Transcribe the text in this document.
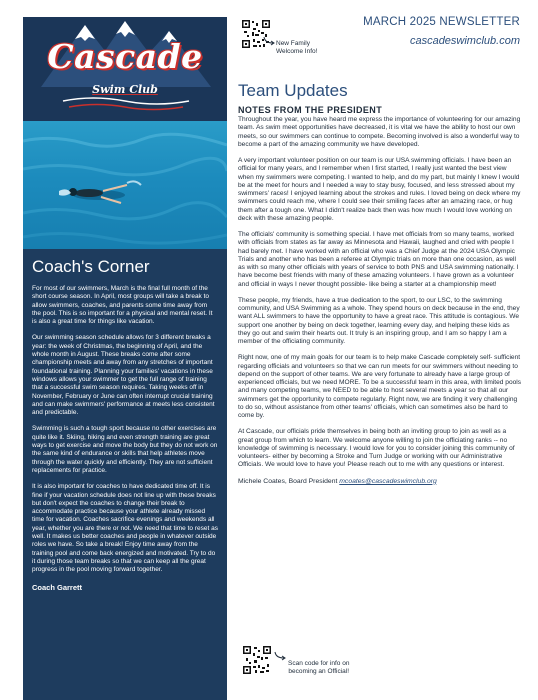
Cascade
Swim Club
Coach's Corner

For most of our swimmers, March is the final full month of the short course season. In April, most groups will take a break to allow swimmers, coaches, and parents some time away from the pool. This is so important for a physical and mental reset. It is also a great time for things like vacation.

Our swimming season schedule allows for 3 different breaks a year: the week of Christmas, the beginning of April, and the whole month in August. These breaks come after some championship meets and away from any stretches of important foundational training. Planning your families' vacations in these windows allows your swimmer to get the full range of training that a successful swim season requires. Taking weeks off in November, February or June can often interrupt crucial training and can make swimmers' performance at meets less consistent and predictable.

Swimming is such a tough sport because no other exercises are quite like it. Skiing, hiking and even strength training are great ways to get exercise and move the body but they do not work on the same kind of endurance or skills that help athletes move through the water quickly and efficiently. They are not sufficient replacements for practice.

It is also important for coaches to have dedicated time off. It is fine if your vacation schedule does not line up with these breaks but don't expect the coaches to change their break to accommodate practice because your athlete already missed time for vacation. Coaches sacrifice evenings and weekends all year, whether you are there or not. We need that time to reset as well. It makes us better coaches and people in whatever outside roles we have. So take a break! Enjoy time away from the training pool and come back energized and motivated. Try to do it during those team breaks so that we can keep all the great progress in the pool moving forward together.

Coach Garrett
New Family
Welcome Info!
MARCH 2025 NEWSLETTER
cascadeswimclub.com
Team Updates
NOTES FROM THE PRESIDENT

Throughout the year, you have heard me express the importance of volunteering for our amazing team. As swim meet opportunities have decreased, it is vital we have the ability to host our own meets, so our swimmers can continue to compete. Becoming involved is also a wonderful way to become a part of the amazing community we have developed.

A very important volunteer position on our team is our USA swimming officials. I have been an official for many years, and I remember when I first started, I really just wanted the best view when my swimmers were competing. I wanted to help, and do my part, but mainly I knew I would be at the meet for hours and I needed a way to stay busy, focused, and less stressed about my swimmers' races! I enjoyed learning about the strokes and rules. I loved being on deck where my swimmers could reach me, where I could see their smiling faces after an amazing race, or hug them after a tough one. What I didn't realize back then was how much I would love working on deck with these amazing people.

The officials' community is something special. I have met officials from so many teams, worked with officials from states as far away as Minnesota and Hawaii, laughed and cried with people I had barely met. I have worked with an official who was a Chief Judge at the 2024 USA Olympic Trials and another who has been a referee at Olympic trials on more than one occasion, as well as with so many other officials with years of service to both PNS and USA swimming nationally. I have become best friends with many of these amazing volunteers. I have grown as a volunteer and official in ways I never thought possible- like being a starter at a championship meet!

These people, my friends, have a true dedication to the sport, to our LSC, to the swimming community, and USA Swimming as a whole. They spend hours on deck because in the end, they want ALL swimmers to have the opportunity to have a great race. This attitude is contagious. We support one another by being on deck together, learning every day, and helping these kids as they go out and swim their hearts out. It truly is an inspiring group, and I am so happy I am a member of the officiating community.

Right now, one of my main goals for our team is to help make Cascade completely self- sufficient regarding officials and volunteers so that we can run meets for our swimmers without needing to depend on the support of other teams. We are very fortunate to already have a large group of experienced officials, but we need MORE. To be a successful team in this area, with limited pools and many competing teams, we NEED to be able to host several meets a year so that all our swimmers get the opportunity to compete regularly. Right now, we are finding it very challenging to do so, without assistance from other teams' officials, which can sometimes also be hard to come by.

At Cascade, our officials pride themselves in being both an inviting group to join as well as a great group from which to learn. We welcome anyone willing to join the officiating ranks -- no knowledge of swimming is necessary. I would love for you to consider joining this community of volunteers- either by becoming a Stroke and Turn Judge or working with our Administrative Officials. We would love to have you! Please reach out to me with any questions or interest.

Michele Coates, Board President mcoates@cascadeswimclub.org
Scan code for info on
becoming an Official!
